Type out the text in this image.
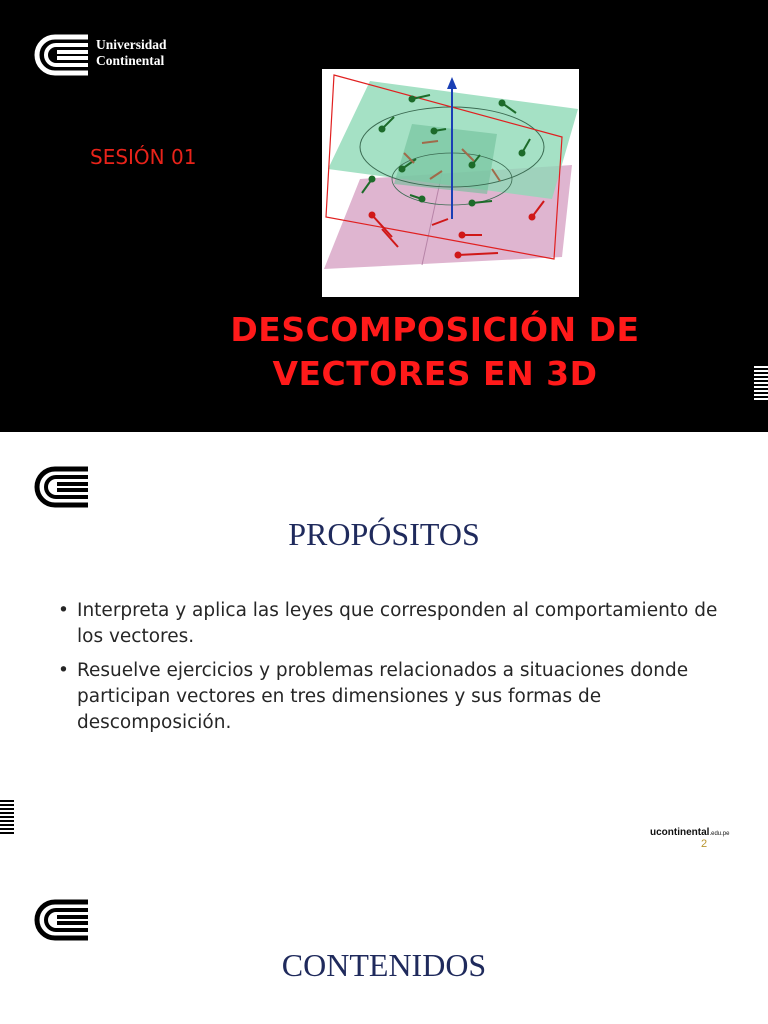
Universidad
Continental
SESIÓN 01
DESCOMPOSICIÓN DE
VECTORES EN 3D
PROPÓSITOS
• Interpreta y aplica las leyes que corresponden al comportamiento de los vectores.
• Resuelve ejercicios y problemas relacionados a situaciones donde participan vectores en tres dimensiones y sus formas de descomposición.
ucontinental.edu.pe
2
CONTENIDOS
